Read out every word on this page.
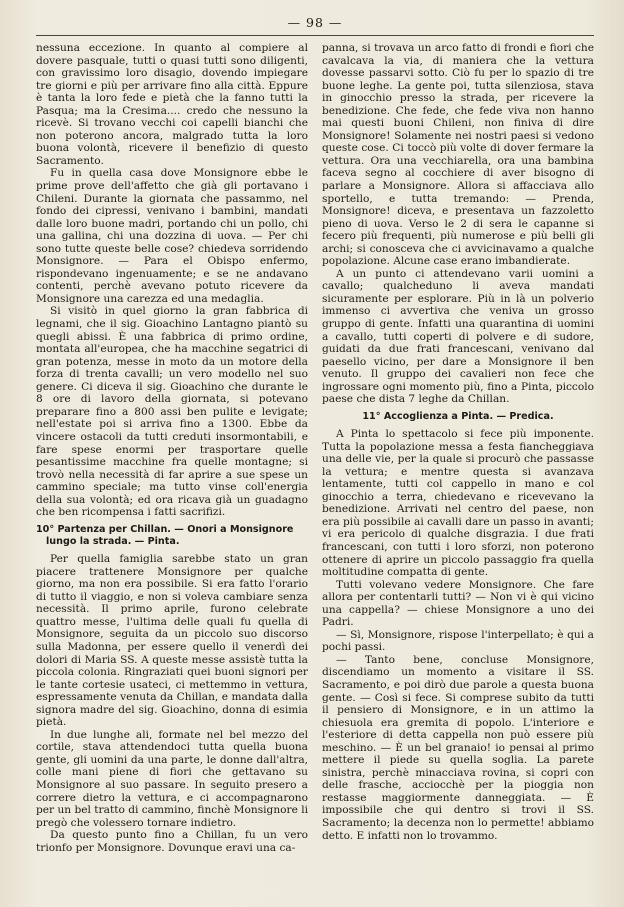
— 98 —

nessuna eccezione. In quanto al compiere al dovere pasquale, tutti o quasi tutti sono diligenti, con gravissimo loro disagio, dovendo impiegare tre giorni e più per arrivare fino alla città. Eppure è tanta la loro fede e pietà che la fanno tutti la Pasqua; ma la Cresima.... credo che nessuno la ricevè. Si trovano vecchi coi capelli bianchi che non poterono ancora, malgrado tutta la loro buona volontà, ricevere il benefizio di questo Sacramento.

Fu in quella casa dove Monsignore ebbe le prime prove dell'affetto che già gli portavano i Chileni. Durante la giornata che passammo, nel fondo dei cipressi, venivano i bambini, mandati dalle loro buone madri, portando chi un pollo, chi una gallina, chi una dozzina di uova. — Per chi sono tutte queste belle cose? chiedeva sorridendo Monsignore. — Para el Obispo enfermo, rispondevano ingenuamente; e se ne andavano contenti, perchè avevano potuto ricevere da Monsignore una carezza ed una medaglia.

Si visitò in quel giorno la gran fabbrica di legnami, che il sig. Gioachino Lantagno piantò su quegli abissi. È una fabbrica di primo ordine, montata all'europea, che ha macchine segatrici di gran potenza, messe in moto da un motore della forza di trenta cavalli; un vero modello nel suo genere. Ci diceva il sig. Gioachino che durante le 8 ore di lavoro della giornata, si potevano preparare fino a 800 assi ben pulite e levigate; nell'estate poi si arriva fino a 1300. Ebbe da vincere ostacoli da tutti creduti insormontabili, e fare spese enormi per trasportare quelle pesantissime macchine fra quelle montagne; si trovò nella necessità di far aprire a sue spese un cammino speciale; ma tutto vinse coll'energia della sua volontà; ed ora ricava già un guadagno che ben ricompensa i fatti sacrifizi.

10° Partenza per Chillan. — Onori a Monsignore lungo la strada. — Pinta.

Per quella famiglia sarebbe stato un gran piacere trattenere Monsignore per qualche giorno, ma non era possibile. Si era fatto l'orario di tutto il viaggio, e non si voleva cambiare senza necessità. Il primo aprile, furono celebrate quattro messe, l'ultima delle quali fu quella di Monsignore, seguita da un piccolo suo discorso sulla Madonna, per essere quello il venerdì dei dolori di Maria SS. A queste messe assistè tutta la piccola colonia. Ringraziati quei buoni signori per le tante cortesie usateci, ci mettemmo in vettura, espressamente venuta da Chillan, e mandata dalla signora madre del sig. Gioachino, donna di esimia pietà.

In due lunghe ali, formate nel bel mezzo del cortile, stava attendendoci tutta quella buona gente, gli uomini da una parte, le donne dall'altra, colle mani piene di fiori che gettavano su Monsignore al suo passare. In seguito presero a correre dietro la vettura, e ci accompagnarono per un bel tratto di cammino, finchè Monsignore li pregò che volessero tornare indietro.

Da questo punto fino a Chillan, fu un vero trionfo per Monsignore. Dovunque eravi una ca-

panna, si trovava un arco fatto di frondi e fiori che cavalcava la via, di maniera che la vettura dovesse passarvi sotto. Ciò fu per lo spazio di tre buone leghe. La gente poi, tutta silenziosa, stava in ginocchio presso la strada, per ricevere la benedizione. Che fede, che fede viva non hanno mai questi buoni Chileni, non finiva di dire Monsignore! Solamente nei nostri paesi si vedono queste cose. Ci toccò più volte di dover fermare la vettura. Ora una vecchiarella, ora una bambina faceva segno al cocchiere di aver bisogno di parlare a Monsignore. Allora si affacciava allo sportello, e tutta tremando: — Prenda, Monsignore! diceva, e presentava un fazzoletto pieno di uova. Verso le 2 di sera le capanne si fecero più frequenti, più numerose e più belli gli archi; si conosceva che ci avvicinavamo a qualche popolazione. Alcune case erano imbandierate.

A un punto ci attendevano varii uomini a cavallo; qualcheduno li aveva mandati sicuramente per esplorare. Più in là un polverio immenso ci avvertiva che veniva un grosso gruppo di gente. Infatti una quarantina di uomini a cavallo, tutti coperti di polvere e di sudore, guidati da due frati francescani, venivano dal paesello vicino, per dare a Monsignore il ben venuto. Il gruppo dei cavalieri non fece che ingrossare ogni momento più, fino a Pinta, piccolo paese che dista 7 leghe da Chillan.

11° Accoglienza a Pinta. — Predica.

A Pinta lo spettacolo si fece più imponente. Tutta la popolazione messa a festa fiancheggiava una delle vie, per la quale si procurò che passasse la vettura; e mentre questa si avanzava lentamente, tutti col cappello in mano e col ginocchio a terra, chiedevano e ricevevano la benedizione. Arrivati nel centro del paese, non era più possibile ai cavalli dare un passo in avanti; vi era pericolo di qualche disgrazia. I due frati francescani, con tutti i loro sforzi, non poterono ottenere di aprire un piccolo passaggio fra quella moltitudine compatta di gente.

Tutti volevano vedere Monsignore. Che fare allora per contentarli tutti? — Non vi è qui vicino una cappella? — chiese Monsignore a uno dei Padri.

— Sì, Monsignore, rispose l'interpellato; è qui a pochi passi.

— Tanto bene, concluse Monsignore, discendiamo un momento a visitare il SS. Sacramento, e poi dirò due parole a questa buona gente. — Così si fece. Si comprese subito da tutti il pensiero di Monsignore, e in un attimo la chiesuola era gremita di popolo. L'interiore e l'esteriore di detta cappella non può essere più meschino. — È un bel granaio! io pensai al primo mettere il piede su quella soglia. La parete sinistra, perchè minacciava rovina, si copri con delle frasche, acciocchè per la pioggia non restasse maggiormente danneggiata. — È impossibile che qui dentro si trovi il SS. Sacramento; la decenza non lo permette! abbiamo detto. E infatti non lo trovammo.
